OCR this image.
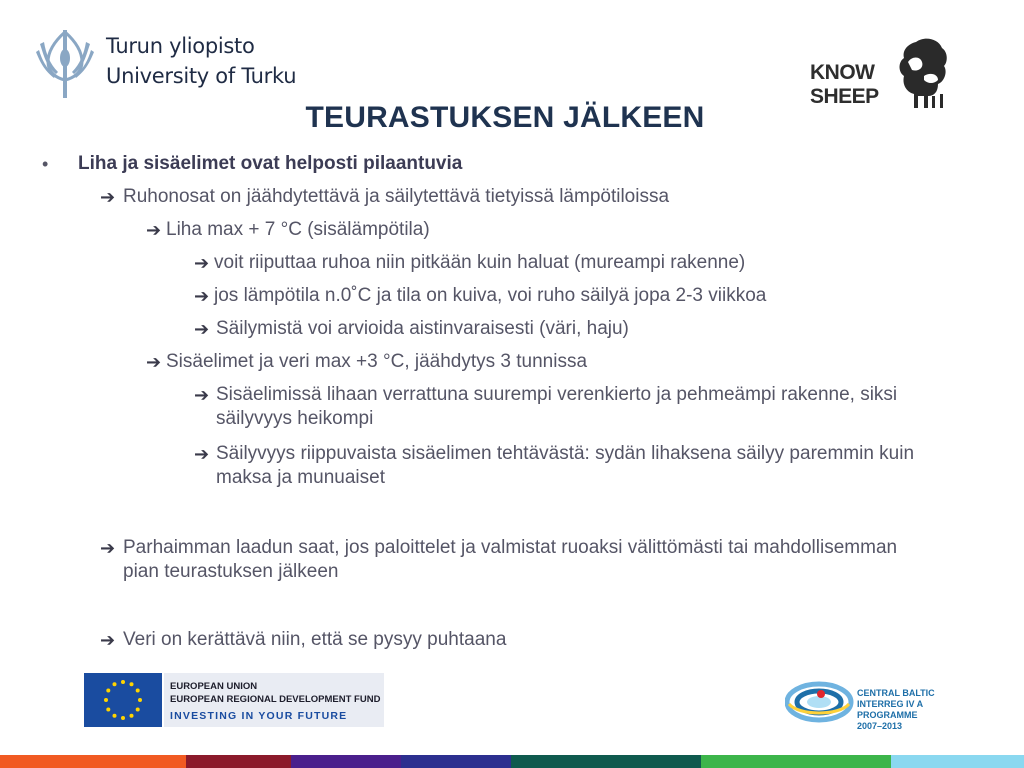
Turun yliopisto
University of Turku	KNOW
SHEEP
TEURASTUKSEN JÄLKEEN
• Liha ja sisäelimet ovat helposti pilaantuvia
➔ Ruhonosat on jäähdytettävä ja säilytettävä tietyissä lämpötiloissa
➔ Liha max + 7 °C (sisälämpötila)
➔ voit riiputtaa ruhoa niin pitkään kuin haluat (mureampi rakenne)
➔ jos lämpötila n.0˚C ja tila on kuiva, voi ruho säilyä jopa 2-3 viikkoa
➔ Säilymistä voi arvioida aistinvaraisesti (väri, haju)
➔ Sisäelimet ja veri max +3 °C, jäähdytys 3 tunnissa
➔ Sisäelimissä lihaan verrattuna suurempi verenkierto ja pehmeämpi rakenne, siksi säilyvyys heikompi
➔ Säilyvyys riippuvaista sisäelimen tehtävästä: sydän lihaksena säilyy paremmin kuin maksa ja munuaiset
➔ Parhaimman laadun saat, jos paloittelet ja valmistat ruoaksi välittömästi tai mahdollisemman pian teurastuksen jälkeen
➔ Veri on kerättävä niin, että se pysyy puhtaana
EUROPEAN UNION
EUROPEAN REGIONAL DEVELOPMENT FUND
INVESTING IN YOUR FUTURE
CENTRAL BALTIC
INTERREG IV A
PROGRAMME
2007–2013
